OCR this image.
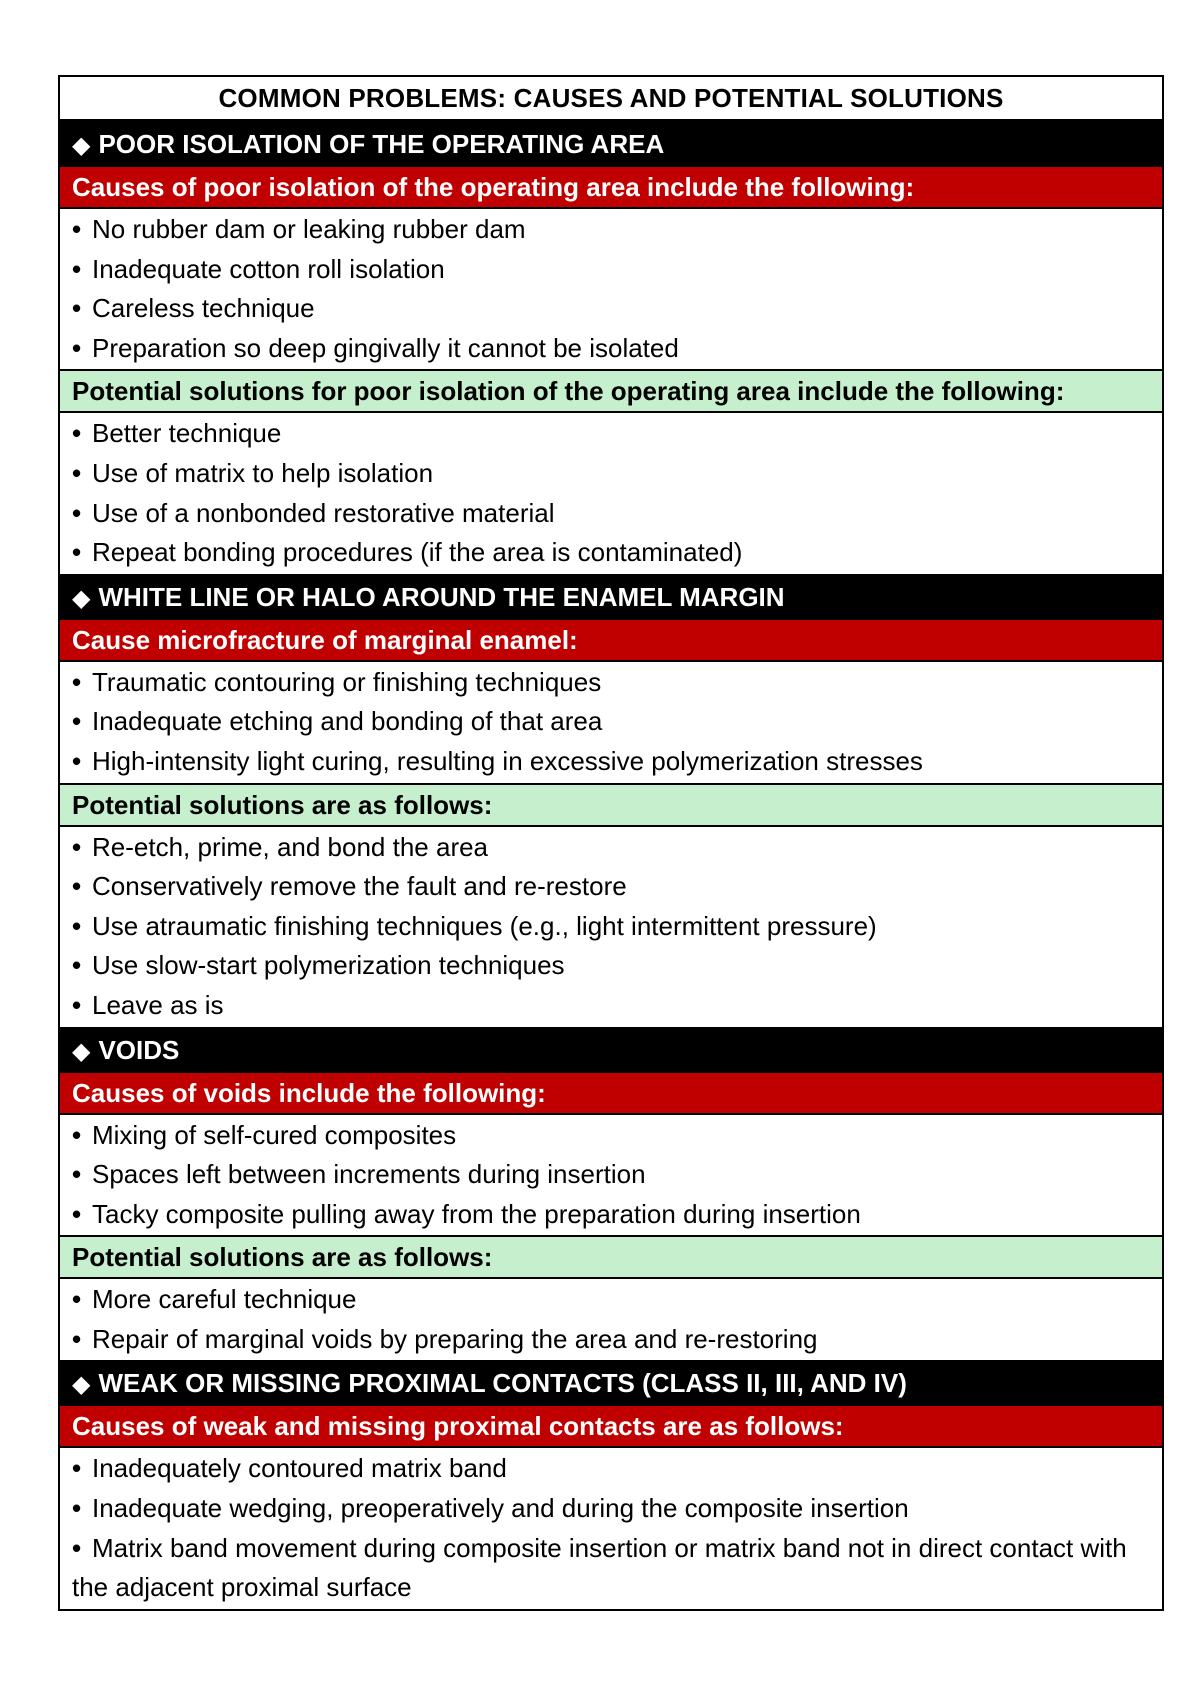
COMMON PROBLEMS: CAUSES AND POTENTIAL SOLUTIONS
◆ POOR ISOLATION OF THE OPERATING AREA
Causes of poor isolation of the operating area include the following:
• No rubber dam or leaking rubber dam
• Inadequate cotton roll isolation
• Careless technique
• Preparation so deep gingivally it cannot be isolated
Potential solutions for poor isolation of the operating area include the following:
• Better technique
• Use of matrix to help isolation
• Use of a nonbonded restorative material
• Repeat bonding procedures (if the area is contaminated)
◆ WHITE LINE OR HALO AROUND THE ENAMEL MARGIN
Cause microfracture of marginal enamel:
• Traumatic contouring or finishing techniques
• Inadequate etching and bonding of that area
• High-intensity light curing, resulting in excessive polymerization stresses
Potential solutions are as follows:
• Re-etch, prime, and bond the area
• Conservatively remove the fault and re-restore
• Use atraumatic finishing techniques (e.g., light intermittent pressure)
• Use slow-start polymerization techniques
• Leave as is
◆ VOIDS
Causes of voids include the following:
• Mixing of self-cured composites
• Spaces left between increments during insertion
• Tacky composite pulling away from the preparation during insertion
Potential solutions are as follows:
• More careful technique
• Repair of marginal voids by preparing the area and re-restoring
◆ WEAK OR MISSING PROXIMAL CONTACTS (CLASS II, III, AND IV)
Causes of weak and missing proximal contacts are as follows:
• Inadequately contoured matrix band
• Inadequate wedging, preoperatively and during the composite insertion
• Matrix band movement during composite insertion or matrix band not in direct contact with the adjacent proximal surface
